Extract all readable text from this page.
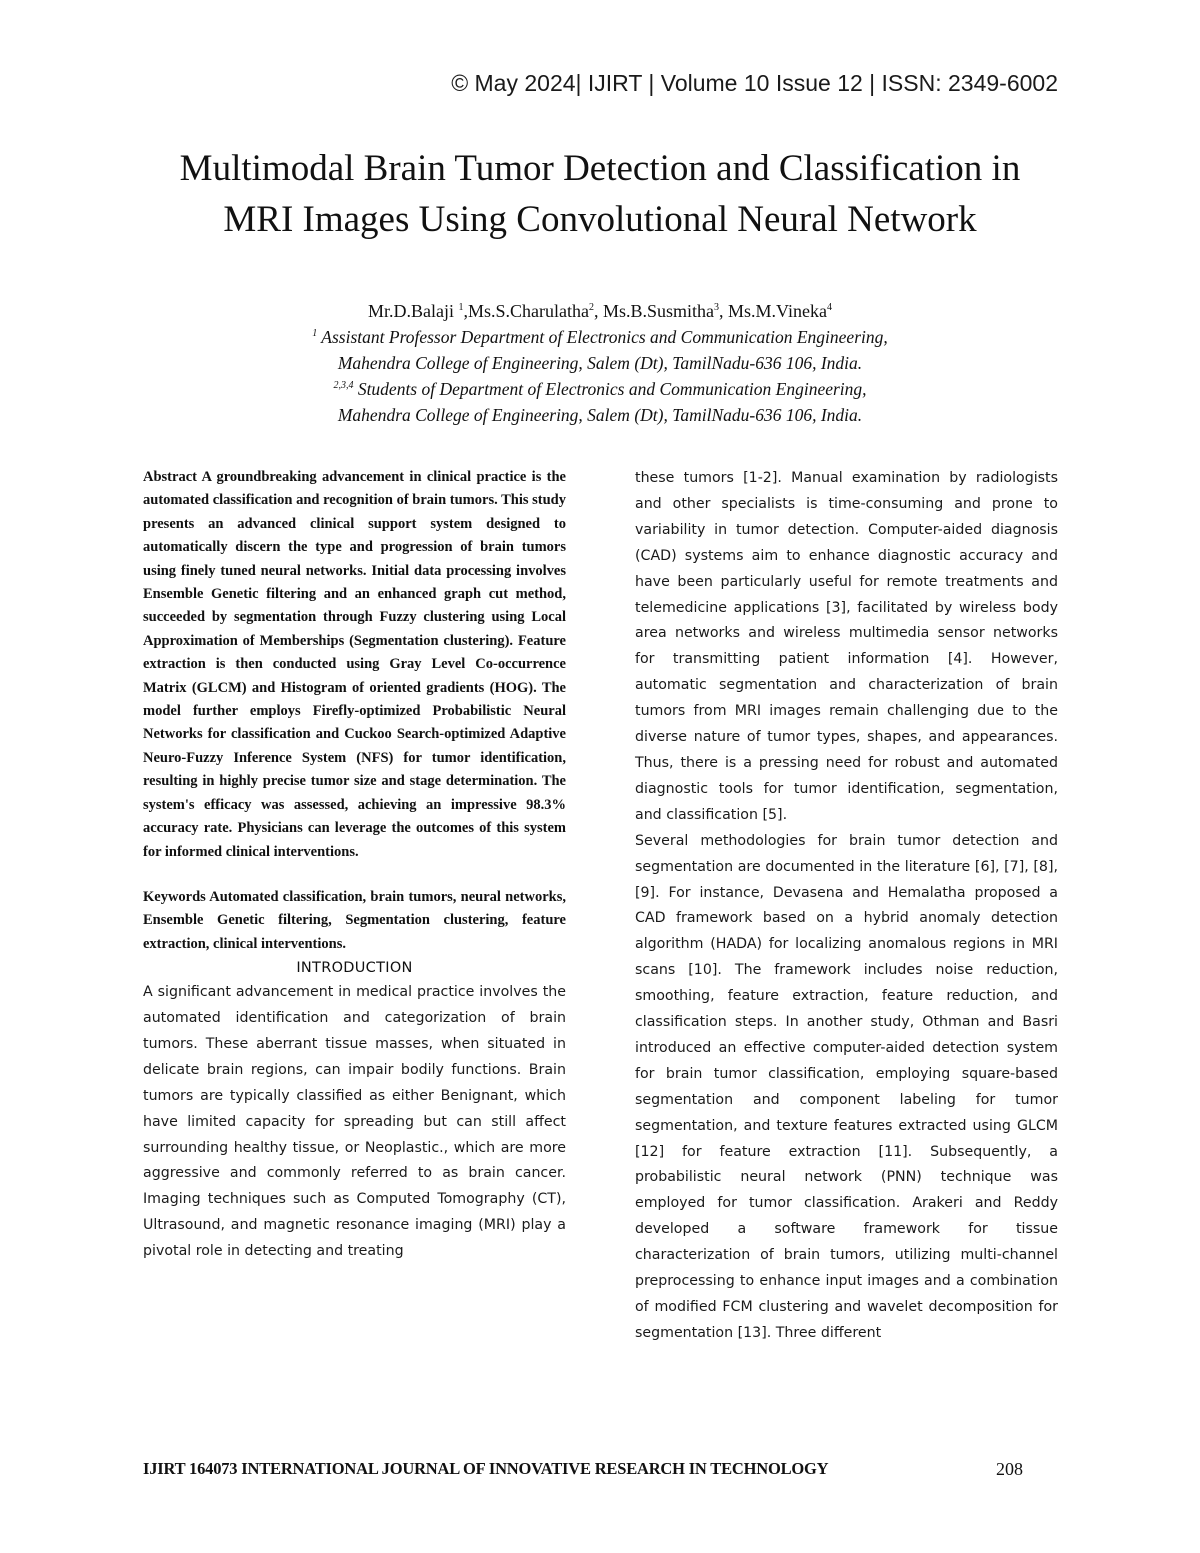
© May 2024| IJIRT | Volume 10 Issue 12 | ISSN: 2349-6002
Multimodal Brain Tumor Detection and Classification in
MRI Images Using Convolutional Neural Network
Mr.D.Balaji $^1$,Ms.S.Charulatha$^2$, Ms.B.Susmitha$^3$, Ms.M.Vineka$^4$
$^1$ Assistant Professor Department of Electronics and Communication Engineering,
Mahendra College of Engineering, Salem (Dt), TamilNadu-636 106, India.
$^{2,3,4}$ Students of Department of Electronics and Communication Engineering,
Mahendra College of Engineering, Salem (Dt), TamilNadu-636 106, India.

Abstract A groundbreaking advancement in clinical practice is the automated classification and recognition of brain tumors. This study presents an advanced clinical support system designed to automatically discern the type and progression of brain tumors using finely tuned neural networks. Initial data processing involves Ensemble Genetic filtering and an enhanced graph cut method, succeeded by segmentation through Fuzzy clustering using Local Approximation of Memberships (Segmentation clustering). Feature extraction is then conducted using Gray Level Co-occurrence Matrix (GLCM) and Histogram of oriented gradients (HOG). The model further employs Firefly-optimized Probabilistic Neural Networks for classification and Cuckoo Search-optimized Adaptive Neuro-Fuzzy Inference System (NFS) for tumor identification, resulting in highly precise tumor size and stage determination. The system's efficacy was assessed, achieving an impressive 98.3% accuracy rate. Physicians can leverage the outcomes of this system for informed clinical interventions.

Keywords Automated classification, brain tumors, neural networks, Ensemble Genetic filtering, Segmentation clustering, feature extraction, clinical interventions.

INTRODUCTION

A significant advancement in medical practice involves the automated identification and categorization of brain tumors. These aberrant tissue masses, when situated in delicate brain regions, can impair bodily functions. Brain tumors are typically classified as either Benignant, which have limited capacity for spreading but can still affect surrounding healthy tissue, or Neoplastic., which are more aggressive and commonly referred to as brain cancer. Imaging techniques such as Computed Tomography (CT), Ultrasound, and magnetic resonance imaging (MRI) play a pivotal role in detecting and treating

these tumors [1-2]. Manual examination by radiologists and other specialists is time-consuming and prone to variability in tumor detection. Computer-aided diagnosis (CAD) systems aim to enhance diagnostic accuracy and have been particularly useful for remote treatments and telemedicine applications [3], facilitated by wireless body area networks and wireless multimedia sensor networks for transmitting patient information [4]. However, automatic segmentation and characterization of brain tumors from MRI images remain challenging due to the diverse nature of tumor types, shapes, and appearances. Thus, there is a pressing need for robust and automated diagnostic tools for tumor identification, segmentation, and classification [5].

Several methodologies for brain tumor detection and segmentation are documented in the literature [6], [7], [8], [9]. For instance, Devasena and Hemalatha proposed a CAD framework based on a hybrid anomaly detection algorithm (HADA) for localizing anomalous regions in MRI scans [10]. The framework includes noise reduction, smoothing, feature extraction, feature reduction, and classification steps. In another study, Othman and Basri introduced an effective computer-aided detection system for brain tumor classification, employing square-based segmentation and component labeling for tumor segmentation, and texture features extracted using GLCM [12] for feature extraction [11]. Subsequently, a probabilistic neural network (PNN) technique was employed for tumor classification. Arakeri and Reddy developed a software framework for tissue characterization of brain tumors, utilizing multi-channel preprocessing to enhance input images and a combination of modified FCM clustering and wavelet decomposition for segmentation [13]. Three different

IJIRT 164073 INTERNATIONAL JOURNAL OF INNOVATIVE RESEARCH IN TECHNOLOGY	208
